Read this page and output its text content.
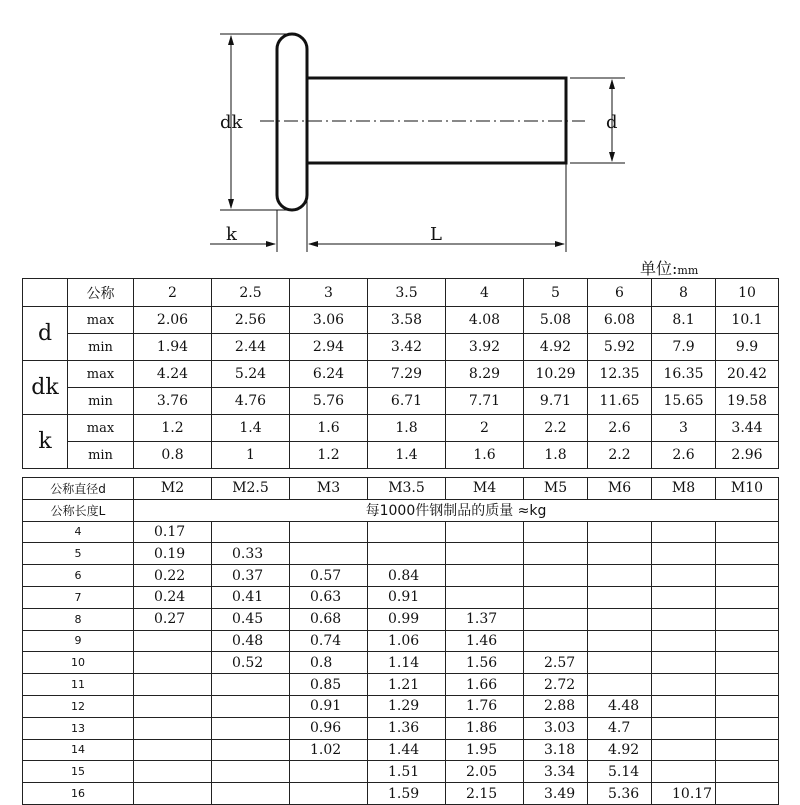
dk	d
k	L
单位:mm
	公称	2	2.5	3	3.5	4	5	6	8	10
d	max	2.06	2.56	3.06	3.58	4.08	5.08	6.08	8.1	10.1
	min	1.94	2.44	2.94	3.42	3.92	4.92	5.92	7.9	9.9
dk	max	4.24	5.24	6.24	7.29	8.29	10.29	12.35	16.35	20.42
	min	3.76	4.76	5.76	6.71	7.71	9.71	11.65	15.65	19.58
k	max	1.2	1.4	1.6	1.8	2	2.2	2.6	3	3.44
	min	0.8	1	1.2	1.4	1.6	1.8	2.2	2.6	2.96
公称直径d	M2	M2.5	M3	M3.5	M4	M5	M6	M8	M10
公称长度L	每1000件钢制品的质量 ≈kg								
4	0.17								
5	0.19	0.33							
6	0.22	0.37	0.57	0.84					
7	0.24	0.41	0.63	0.91					
8	0.27	0.45	0.68	0.99	1.37				
9		0.48	0.74	1.06	1.46				
10		0.52	0.8	1.14	1.56	2.57			
11			0.85	1.21	1.66	2.72			
12			0.91	1.29	1.76	2.88	4.48		
13			0.96	1.36	1.86	3.03	4.7		
14			1.02	1.44	1.95	3.18	4.92		
15				1.51	2.05	3.34	5.14		
16				1.59	2.15	3.49	5.36	10.17	
